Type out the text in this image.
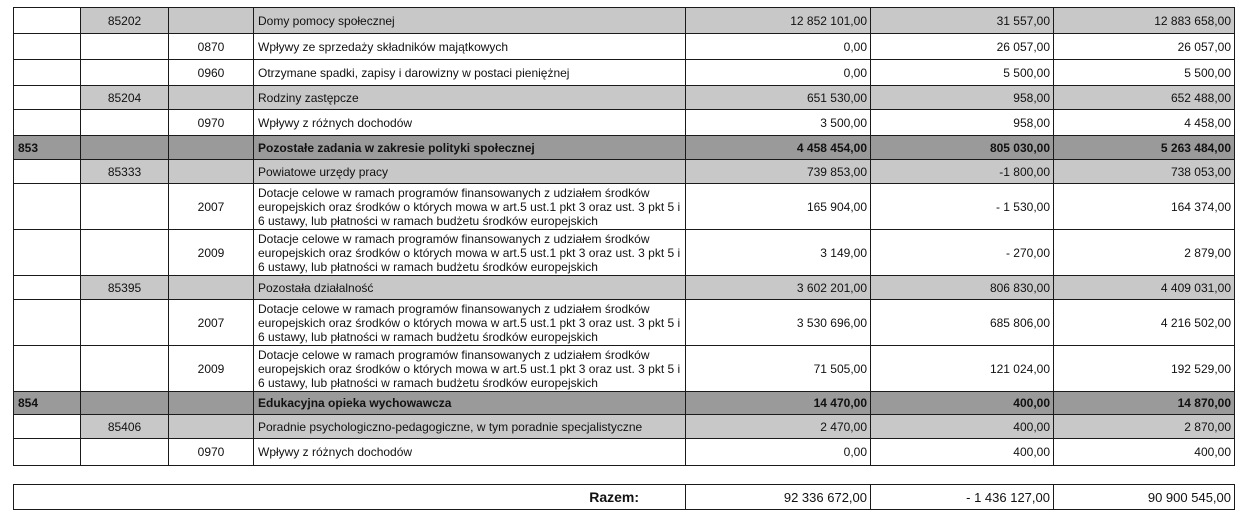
	85202		Domy pomocy społecznej	12 852 101,00	31 557,00	12 883 658,00
		0870	Wpływy ze sprzedaży składników majątkowych	0,00	26 057,00	26 057,00
		0960	Otrzymane spadki, zapisy i darowizny w postaci pieniężnej	0,00	5 500,00	5 500,00
	85204		Rodziny zastępcze	651 530,00	958,00	652 488,00
		0970	Wpływy z różnych dochodów	3 500,00	958,00	4 458,00
853			Pozostałe zadania w zakresie polityki społecznej	4 458 454,00	805 030,00	5 263 484,00
	85333		Powiatowe urzędy pracy	739 853,00	-1 800,00	738 053,00
		2007	Dotacje celowe w ramach programów finansowanych z udziałem środków europejskich oraz środków o których mowa w art.5 ust.1 pkt 3 oraz ust. 3 pkt 5 i 6 ustawy, lub płatności w ramach budżetu środków europejskich	165 904,00	- 1 530,00	164 374,00
		2009	Dotacje celowe w ramach programów finansowanych z udziałem środków europejskich oraz środków o których mowa w art.5 ust.1 pkt 3 oraz ust. 3 pkt 5 i 6 ustawy, lub płatności w ramach budżetu środków europejskich	3 149,00	- 270,00	2 879,00
	85395		Pozostała działalność	3 602 201,00	806 830,00	4 409 031,00
		2007	Dotacje celowe w ramach programów finansowanych z udziałem środków europejskich oraz środków o których mowa w art.5 ust.1 pkt 3 oraz ust. 3 pkt 5 i 6 ustawy, lub płatności w ramach budżetu środków europejskich	3 530 696,00	685 806,00	4 216 502,00
		2009	Dotacje celowe w ramach programów finansowanych z udziałem środków europejskich oraz środków o których mowa w art.5 ust.1 pkt 3 oraz ust. 3 pkt 5 i 6 ustawy, lub płatności w ramach budżetu środków europejskich	71 505,00	121 024,00	192 529,00
854			Edukacyjna opieka wychowawcza	14 470,00	400,00	14 870,00
	85406		Poradnie psychologiczno-pedagogiczne, w tym poradnie specjalistyczne	2 470,00	400,00	2 870,00
		0970	Wpływy z różnych dochodów	0,00	400,00	400,00
Razem:	92 336 672,00	- 1 436 127,00	90 900 545,00
